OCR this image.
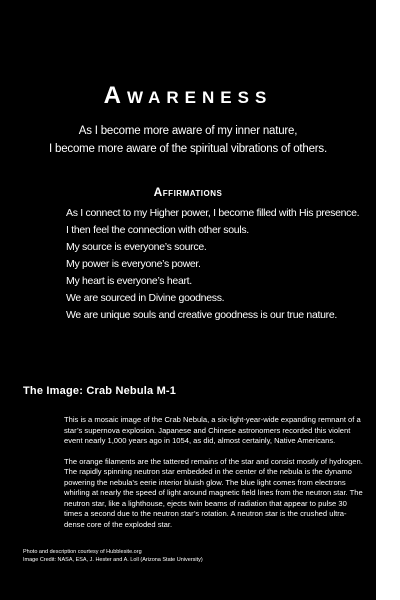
Awareness
As I become more aware of my inner nature,
I become more aware of the spiritual vibrations of others.
Affirmations
As I connect to my Higher power, I become filled with His presence.
I then feel the connection with other souls.
My source is everyone’s source.
My power is everyone’s power.
My heart is everyone’s heart.
We are sourced in Divine goodness.
We are unique souls and creative goodness is our true nature.
The Image: Crab Nebula M-1

This is a mosaic image of the Crab Nebula, a six-light-year-wide expanding remnant of a star’s supernova explosion. Japanese and Chinese astronomers recorded this violent event nearly 1,000 years ago in 1054, as did, almost certainly, Native Americans.

The orange filaments are the tattered remains of the star and consist mostly of hydrogen. The rapidly spinning neutron star embedded in the center of the nebula is the dynamo powering the nebula’s eerie interior bluish glow. The blue light comes from electrons whirling at nearly the speed of light around magnetic field lines from the neutron star. The neutron star, like a lighthouse, ejects twin beams of radiation that appear to pulse 30 times a second due to the neutron star’s rotation. A neutron star is the crushed ultra-dense core of the exploded star.

Photo and description courtesy of Hubblesite.org
Image Credit: NASA, ESA, J. Hester and A. Loll (Arizona State University)
